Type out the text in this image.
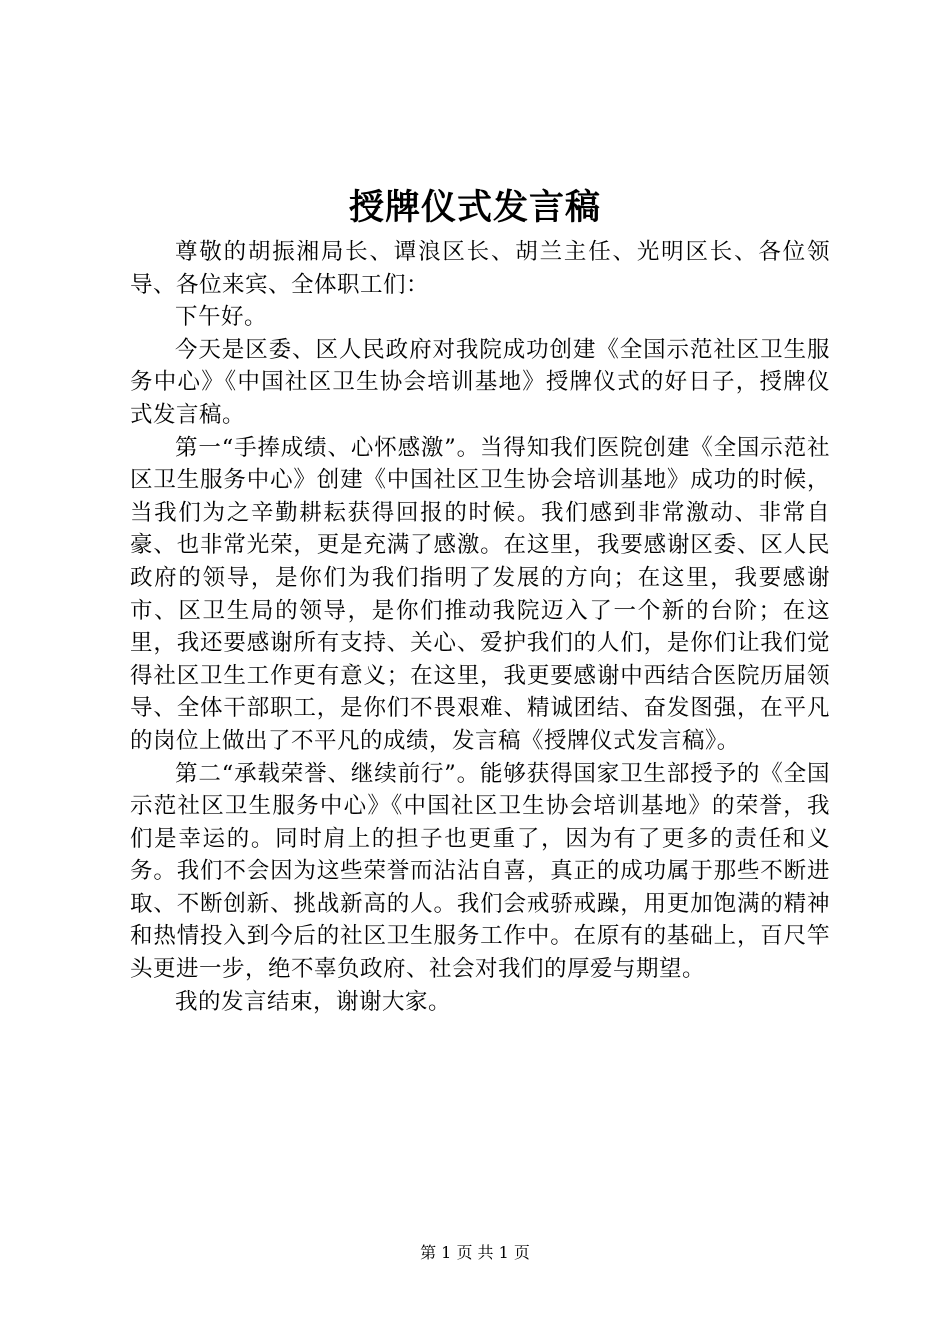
授牌仪式发言稿

尊敬的胡振湘局长、谭浪区长、胡兰主任、光明区长、各位领导、各位来宾、全体职工们：

下午好。

今天是区委、区人民政府对我院成功创建《全国示范社区卫生服务中心》《中国社区卫生协会培训基地》授牌仪式的好日子，授牌仪式发言稿。

第一“手捧成绩、心怀感激”。当得知我们医院创建《全国示范社区卫生服务中心》创建《中国社区卫生协会培训基地》成功的时候，当我们为之辛勤耕耘获得回报的时候。我们感到非常激动、非常自豪、也非常光荣，更是充满了感激。在这里，我要感谢区委、区人民政府的领导，是你们为我们指明了发展的方向；在这里，我要感谢市、区卫生局的领导，是你们推动我院迈入了一个新的台阶；在这里，我还要感谢所有支持、关心、爱护我们的人们，是你们让我们觉得社区卫生工作更有意义；在这里，我更要感谢中西结合医院历届领导、全体干部职工，是你们不畏艰难、精诚团结、奋发图强，在平凡的岗位上做出了不平凡的成绩，发言稿《授牌仪式发言稿》。

第二“承载荣誉、继续前行”。能够获得国家卫生部授予的《全国示范社区卫生服务中心》《中国社区卫生协会培训基地》的荣誉，我们是幸运的。同时肩上的担子也更重了，因为有了更多的责任和义务。我们不会因为这些荣誉而沾沾自喜，真正的成功属于那些不断进取、不断创新、挑战新高的人。我们会戒骄戒躁，用更加饱满的精神和热情投入到今后的社区卫生服务工作中。在原有的基础上，百尺竿头更进一步，绝不辜负政府、社会对我们的厚爱与期望。

我的发言结束，谢谢大家。

第 1 页 共 1 页
